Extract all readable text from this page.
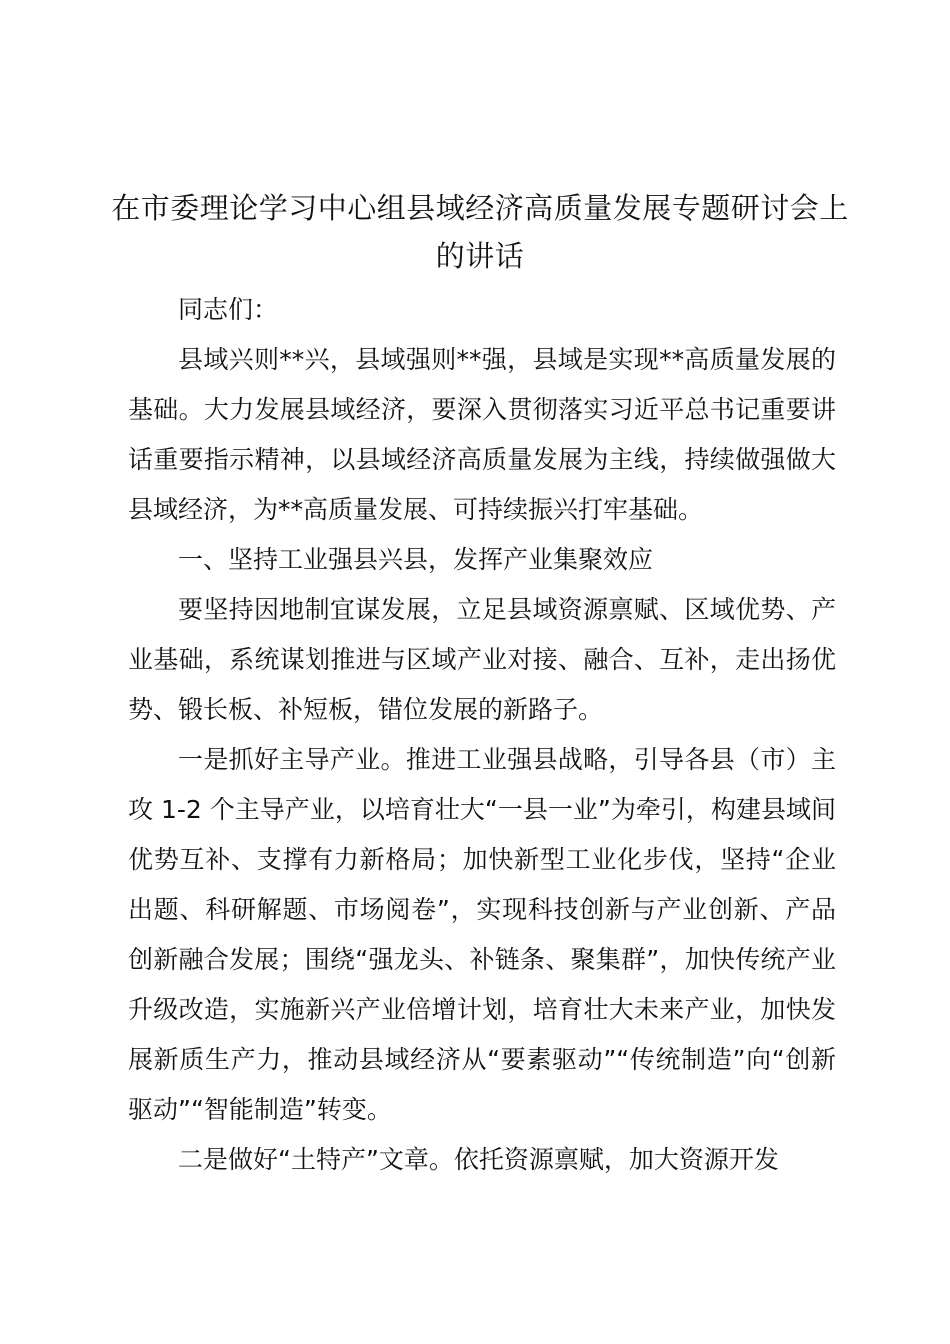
在市委理论学习中心组县域经济高质量发展专题研讨会上的讲话

同志们：

县域兴则**兴，县域强则**强，县域是实现**高质量发展的基础。大力发展县域经济，要深入贯彻落实习近平总书记重要讲话重要指示精神，以县域经济高质量发展为主线，持续做强做大县域经济，为**高质量发展、可持续振兴打牢基础。

一、坚持工业强县兴县，发挥产业集聚效应

要坚持因地制宜谋发展，立足县域资源禀赋、区域优势、产业基础，系统谋划推进与区域产业对接、融合、互补，走出扬优势、锻长板、补短板，错位发展的新路子。

一是抓好主导产业。推进工业强县战略，引导各县（市）主攻 1-2 个主导产业，以培育壮大“一县一业”为牵引，构建县域间优势互补、支撑有力新格局；加快新型工业化步伐，坚持“企业出题、科研解题、市场阅卷”，实现科技创新与产业创新、产品创新融合发展；围绕“强龙头、补链条、聚集群”，加快传统产业升级改造，实施新兴产业倍增计划，培育壮大未来产业，加快发展新质生产力，推动县域经济从“要素驱动”“传统制造”向“创新驱动”“智能制造”转变。

二是做好“土特产”文章。依托资源禀赋，加大资源开发
